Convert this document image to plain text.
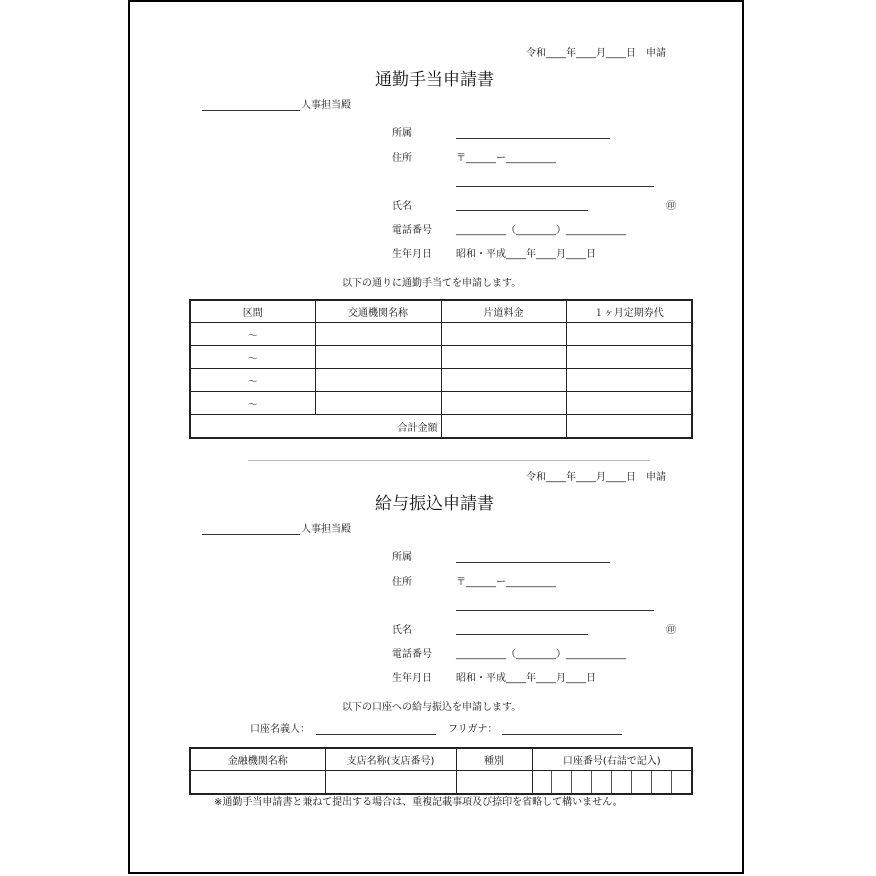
令和____年____月____日　申請
通勤手当申請書
人事担当殿
所属
住所	〒______ー__________
氏名	㊞
電話番号 __________（________）____________
生年月日 昭和・平成____年____月____日
以下の通りに通勤手当てを申請します。
区間	交通機関名称	片道料金	１ヶ月定期券代
～			
～			
～			
～			
合計金額			
令和____年____月____日　申請
給与振込申請書
人事担当殿
所属
住所	〒______ー__________
氏名	㊞
電話番号 __________（________）____________
生年月日 昭和・平成____年____月____日
以下の口座への給与振込を申請します。
口座名義人：	フリガナ：
金融機関名称	支店名称(支店番号)	種別	口座番号(右詰で記入)

※通勤手当申請書と兼ねて提出する場合は、重複記載事項及び捺印を省略して構いません。
